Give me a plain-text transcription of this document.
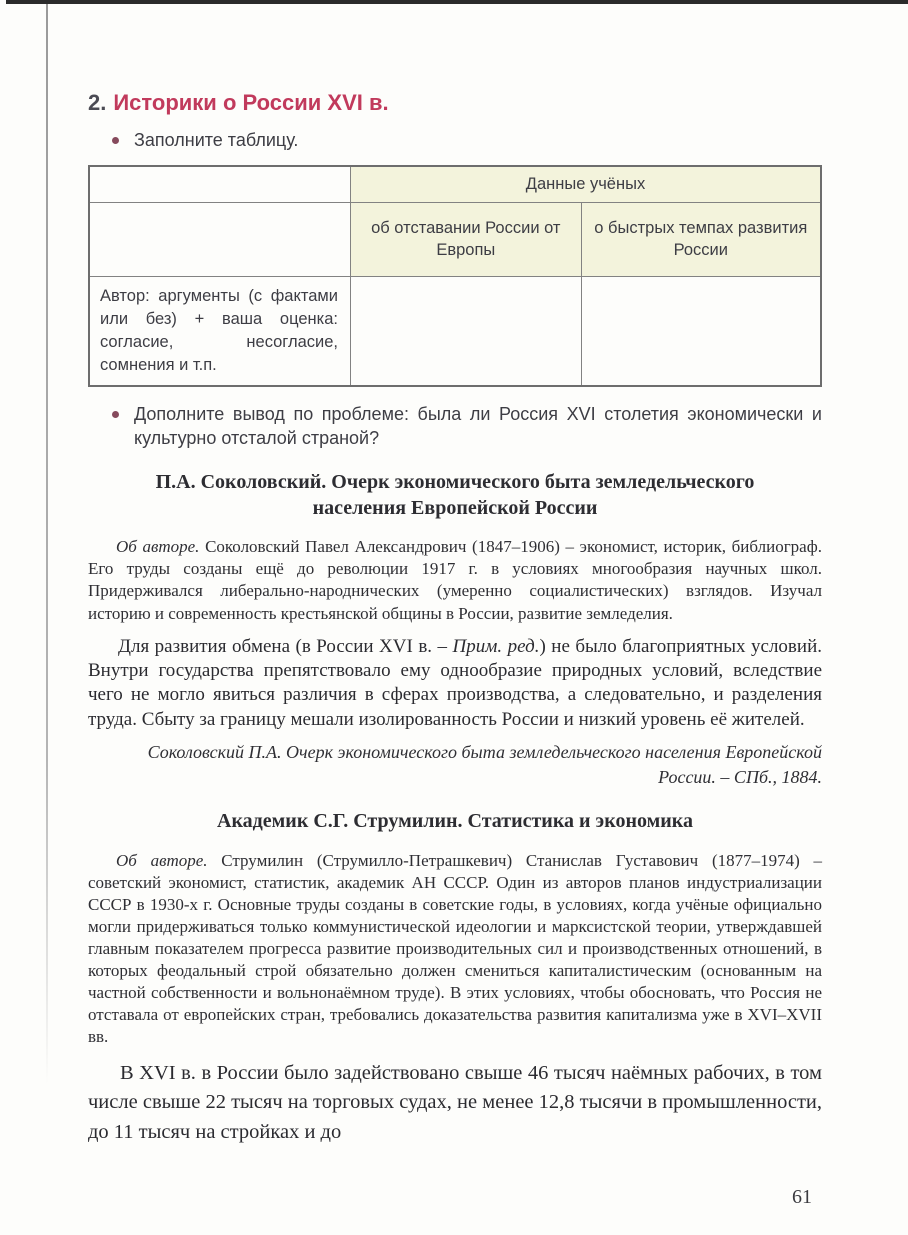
2. Историки о России XVI в.
Заполните таблицу.
	Данные учёных	
	об отставании России от Европы	о быстрых темпах развития России
Автор: аргументы (с фактами или без) + ваша оценка: согласие, несогласие, сомнения и т.п.		
Дополните вывод по проблеме: была ли Россия XVI столетия экономически и культурно отсталой страной?
П.А. Соколовский. Очерк экономического быта земледельческого населения Европейской России

Об авторе. Соколовский Павел Александрович (1847–1906) – экономист, историк, библиограф. Его труды созданы ещё до революции 1917 г. в условиях многообразия научных школ. Придерживался либерально-народнических (умеренно социалистических) взглядов. Изучал историю и современность крестьянской общины в России, развитие земледелия.

Для развития обмена (в России XVI в. – Прим. ред.) не было благоприятных условий. Внутри государства препятствовало ему однообразие природных условий, вследствие чего не могло явиться различия в сферах производства, а следовательно, и разделения труда. Сбыту за границу мешали изолированность России и низкий уровень её жителей.

Соколовский П.А. Очерк экономического быта земледельческого населения Европейской России. – СПб., 1884.

Академик С.Г. Струмилин. Статистика и экономика

Об авторе. Струмилин (Струмилло-Петрашкевич) Станислав Густавович (1877–1974) – советский экономист, статистик, академик АН СССР. Один из авторов планов индустриализации СССР в 1930-х г. Основные труды созданы в советские годы, в условиях, когда учёные официально могли придерживаться только коммунистической идеологии и марксистской теории, утверждавшей главным показателем прогресса развитие производительных сил и производственных отношений, в которых феодальный строй обязательно должен смениться капиталистическим (основанным на частной собственности и вольнонаёмном труде). В этих условиях, чтобы обосновать, что Россия не отставала от европейских стран, требовались доказательства развития капитализма уже в XVI–XVII вв.

В XVI в. в России было задействовано свыше 46 тысяч наёмных рабочих, в том числе свыше 22 тысяч на торговых судах, не менее 12,8 тысячи в промышленности, до 11 тысяч на стройках и до

61
